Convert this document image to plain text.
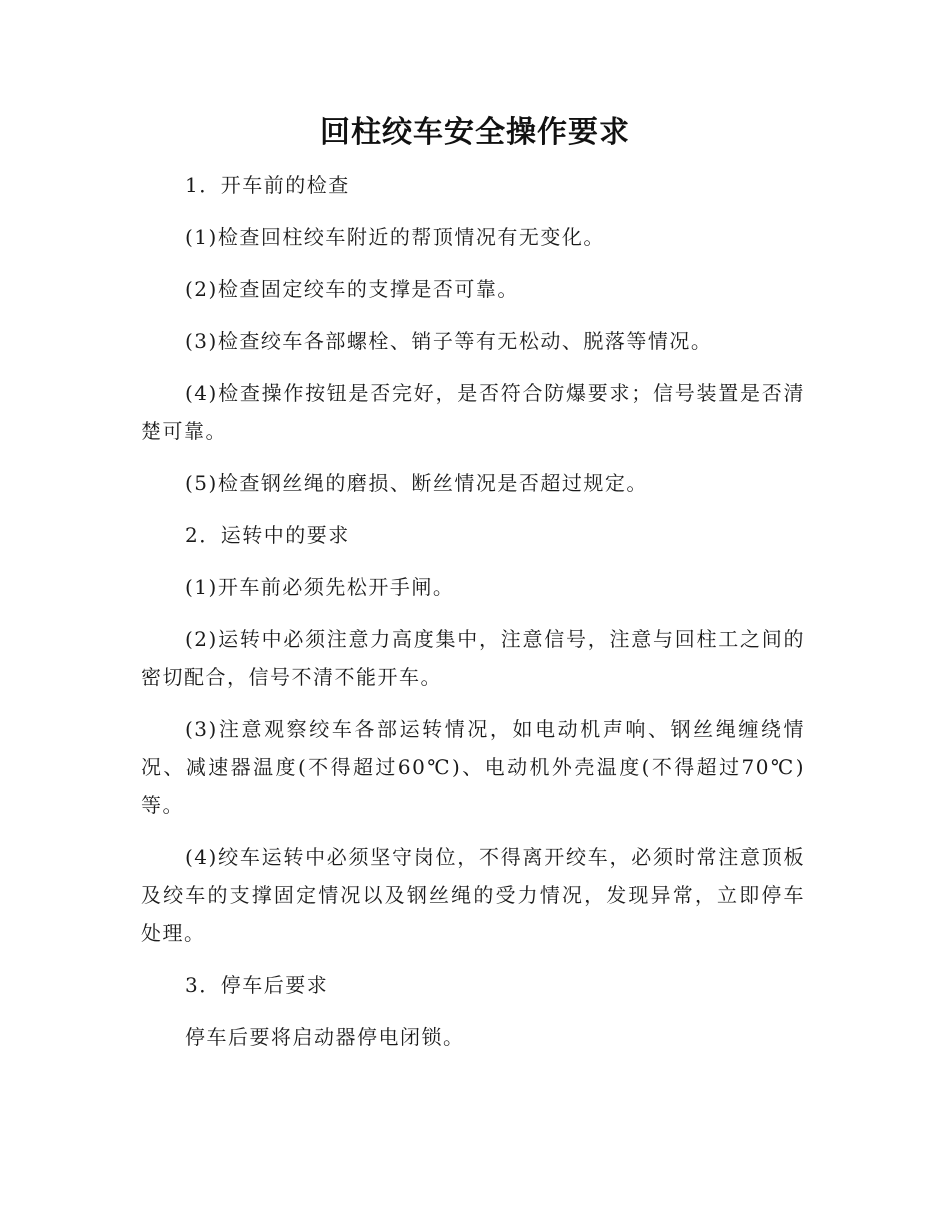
回柱绞车安全操作要求

1．开车前的检查

(1)检查回柱绞车附近的帮顶情况有无变化。

(2)检查固定绞车的支撑是否可靠。

(3)检查绞车各部螺栓、销子等有无松动、脱落等情况。

(4)检查操作按钮是否完好，是否符合防爆要求；信号装置是否清楚可靠。

(5)检查钢丝绳的磨损、断丝情况是否超过规定。

2．运转中的要求

(1)开车前必须先松开手闸。

(2)运转中必须注意力高度集中，注意信号，注意与回柱工之间的密切配合，信号不清不能开车。

(3)注意观察绞车各部运转情况，如电动机声响、钢丝绳缠绕情况、减速器温度(不得超过60℃)、电动机外壳温度(不得超过70℃)等。

(4)绞车运转中必须坚守岗位，不得离开绞车，必须时常注意顶板及绞车的支撑固定情况以及钢丝绳的受力情况，发现异常，立即停车处理。

3．停车后要求

停车后要将启动器停电闭锁。
